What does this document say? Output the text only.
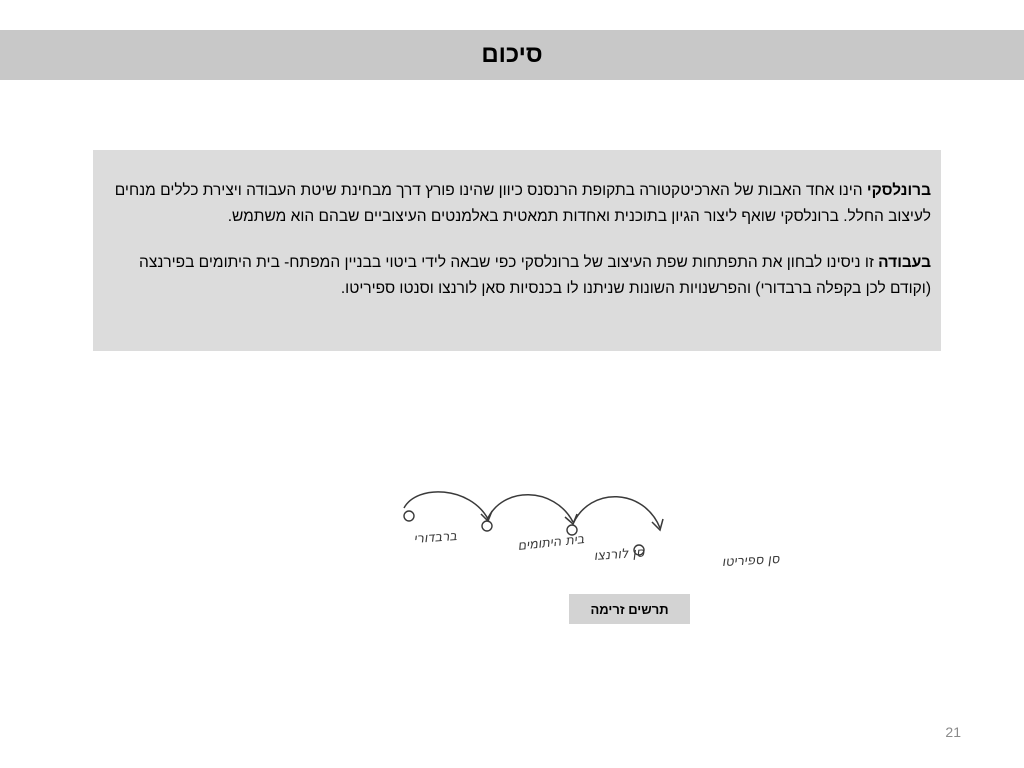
סיכום

ברונלסקי הינו אחד האבות של הארכיטקטורה בתקופת הרנסנס כיוון שהינו פורץ דרך מבחינת שיטת העבודה ויצירת כללים מנחים לעיצוב החלל. ברונלסקי שואף ליצור הגיון בתוכנית ואחדות תמאטית באלמנטים העיצוביים שבהם הוא משתמש.

בעבודה זו ניסינו לבחון את התפתחות שפת העיצוב של ברונלסקי כפי שבאה לידי ביטוי בבניין המפתח- בית היתומים בפירנצה (וקודם לכן בקפלה ברבדורי) והפרשנויות השונות שניתנו לו בכנסיות סאן לורנצו וסנטו ספיריטו.

ברבדורי	בית היתומים
סן לורנצו	סן ספיריטו
תרשים זרימה
21
